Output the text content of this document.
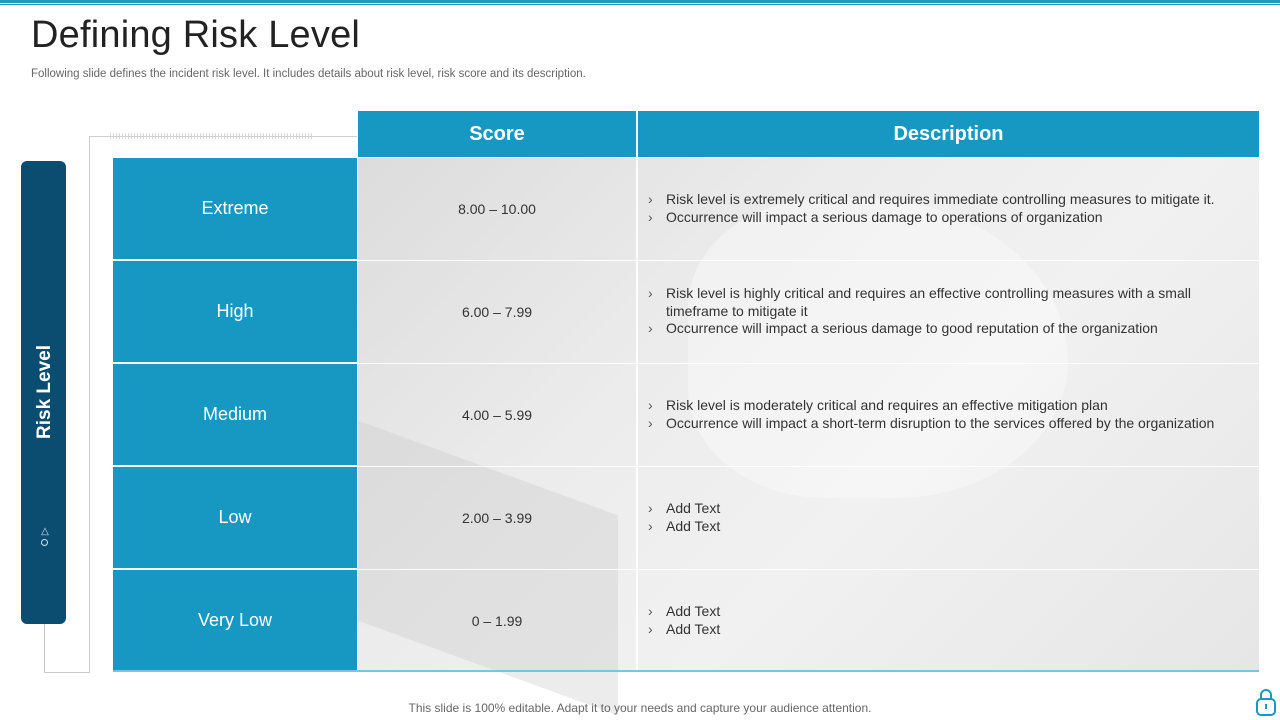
Defining Risk Level

Following slide defines the incident risk level. It includes details about risk level, risk score and its description.

Risk Level
△
Score	Description
Extreme
High
Medium
Low
Very Low
8.00 – 10.00
6.00 – 7.99
4.00 – 5.99
2.00 – 3.99
0 – 1.99
› Risk level is extremely critical and requires immediate controlling measures to mitigate it.
› Occurrence will impact a serious damage to operations of organization
› Risk level is highly critical and requires an effective controlling measures with a small timeframe to mitigate it
› Occurrence will impact a serious damage to good reputation of the organization
› Risk level is moderately critical and requires an effective mitigation plan
› Occurrence will impact a short-term disruption to the services offered by the organization
› Add Text
› Add Text
› Add Text
› Add Text
This slide is 100% editable. Adapt it to your needs and capture your audience attention.
